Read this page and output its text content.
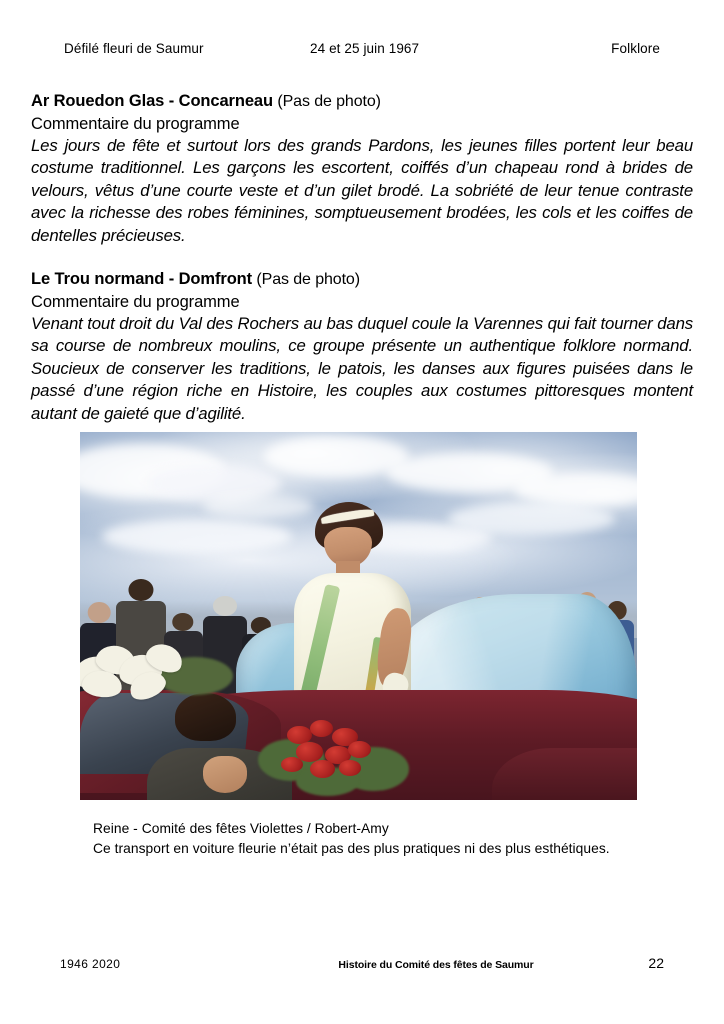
Défilé fleuri de Saumur	24 et 25 juin 1967	Folklore
Ar Rouedon Glas - Concarneau (Pas de photo)
Commentaire du programme

Les jours de fête et surtout lors des grands Pardons, les jeunes filles portent leur beau costume traditionnel. Les garçons les escortent, coiffés d’un chapeau rond à brides de velours, vêtus d’une courte veste et d’un gilet brodé. La sobriété de leur tenue contraste avec la richesse des robes féminines, somptueusement brodées, les cols et les coiffes de dentelles précieuses.

Le Trou normand - Domfront (Pas de photo)
Commentaire du programme

Venant tout droit du Val des Rochers au bas duquel coule la Varennes qui fait tourner dans sa course de nombreux moulins, ce groupe présente un authentique folklore normand. Soucieux de conserver les traditions, le patois, les danses aux figures puisées dans le passé d’une région riche en Histoire, les couples aux costumes pittoresques montent autant de gaieté que d’agilité.

Reine - Comité des fêtes Violettes / Robert-Amy
Ce transport en voiture fleurie n’était pas des plus pratiques ni des plus esthétiques.
1946 2020	Histoire du Comité des fêtes de Saumur	22
